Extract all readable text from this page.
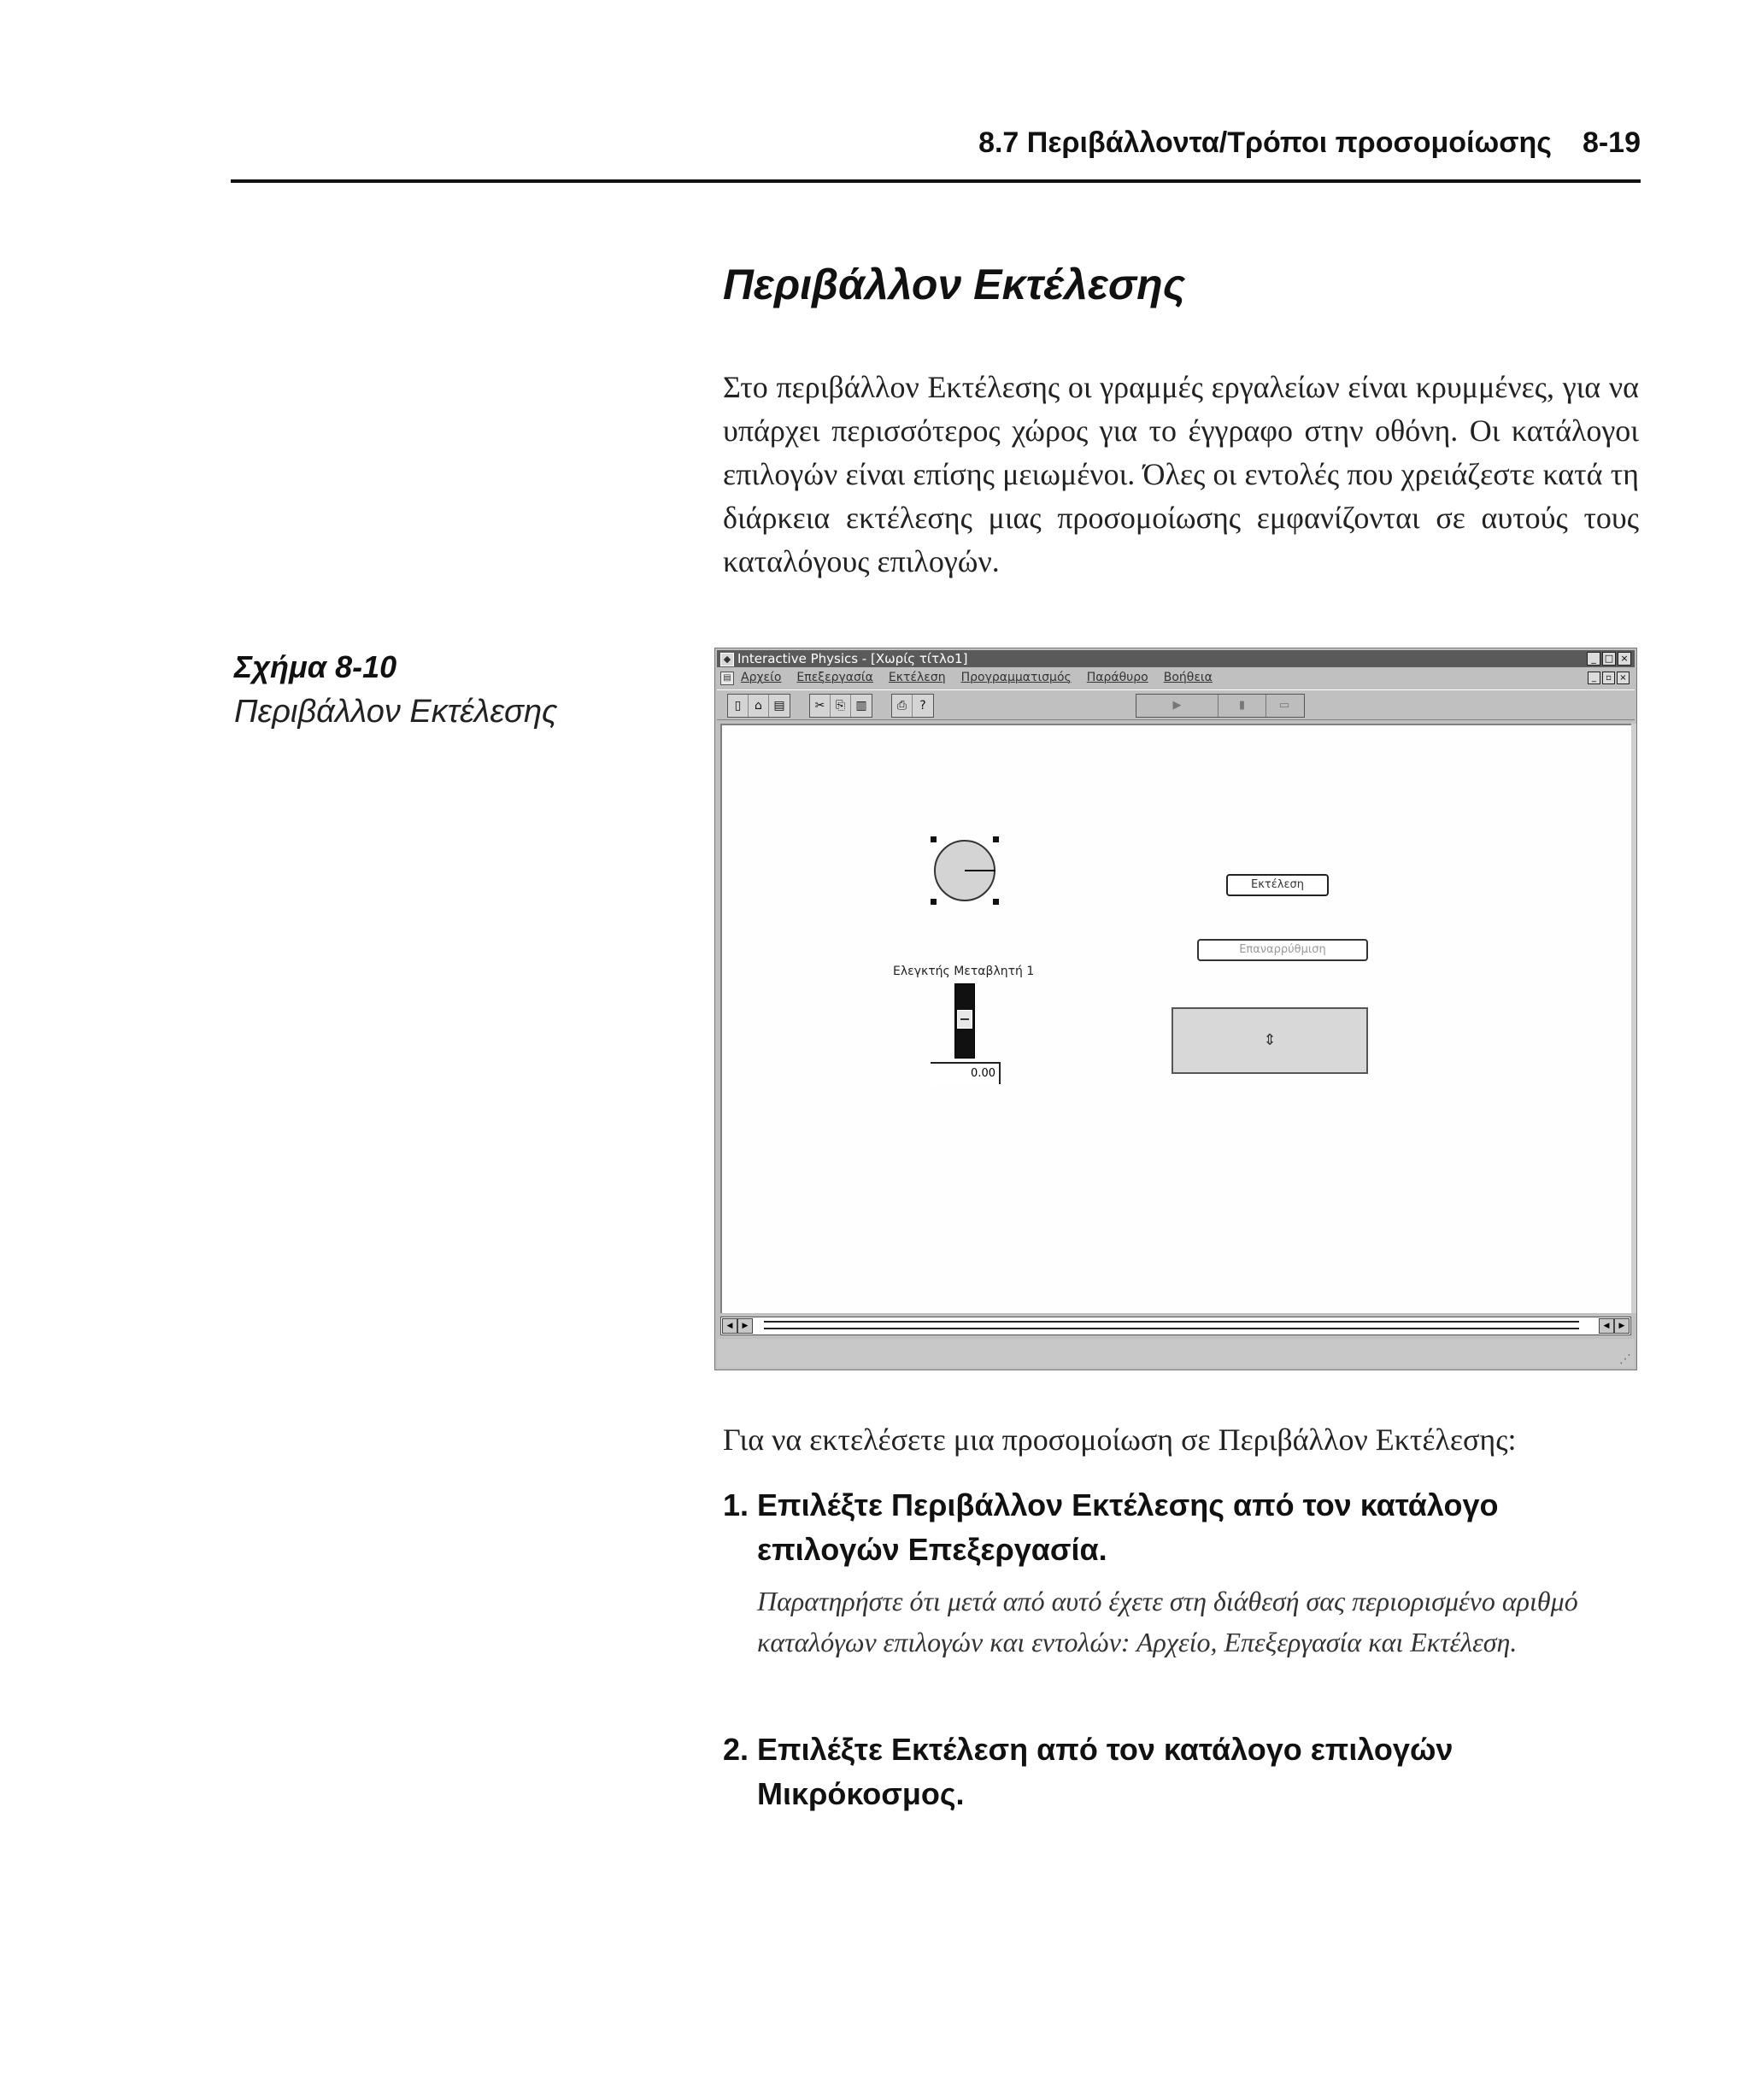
8.7 Περιβάλλοντα/Τρόποι προσομοίωσης 8-19
Περιβάλλον Εκτέλεσης
Στο περιβάλλον Εκτέλεσης οι γραμμές εργαλείων είναι κρυμμένες, για να υπάρχει περισσότερος χώρος για το έγγραφο στην οθόνη. Οι κατάλογοι επιλογών είναι επίσης μειωμένοι. Όλες οι εντολές που χρειάζεστε κατά τη διάρκεια εκτέλεσης μιας προσομοίωσης εμφανίζονται σε αυτούς τους καταλόγους επιλογών.
Σχήμα 8-10
Περιβάλλον Εκτέλεσης
◆ Interactive Physics - [Χωρίς τίτλο1]	_ □ ×
▤ Αρχείο Επεξεργασία Εκτέλεση Προγραμματισμός Παράθυρο Βοήθεια	_	▫ ×
▯	⌂ ▤	✂ ⎘ ▥	⎙	?	▶	▮	▭
Εκτέλεση
Επαναρρύθμιση
Ελεγκτής Μεταβλητή 1
0.00
⇕
◀	▶	◀	▶
⋰
Για να εκτελέσετε μια προσομοίωση σε Περιβάλλον Εκτέλεσης:
1. Επιλέξτε Περιβάλλον Εκτέλεσης από τον κατάλογο επιλογών Επεξεργασία.
Παρατηρήστε ότι μετά από αυτό έχετε στη διάθεσή σας περιορισμένο αριθμό καταλόγων επιλογών και εντολών: Αρχείο, Επεξεργασία και Εκτέλεση.
2. Επιλέξτε Εκτέλεση από τον κατάλογο επιλογών Μικρόκοσμος.
